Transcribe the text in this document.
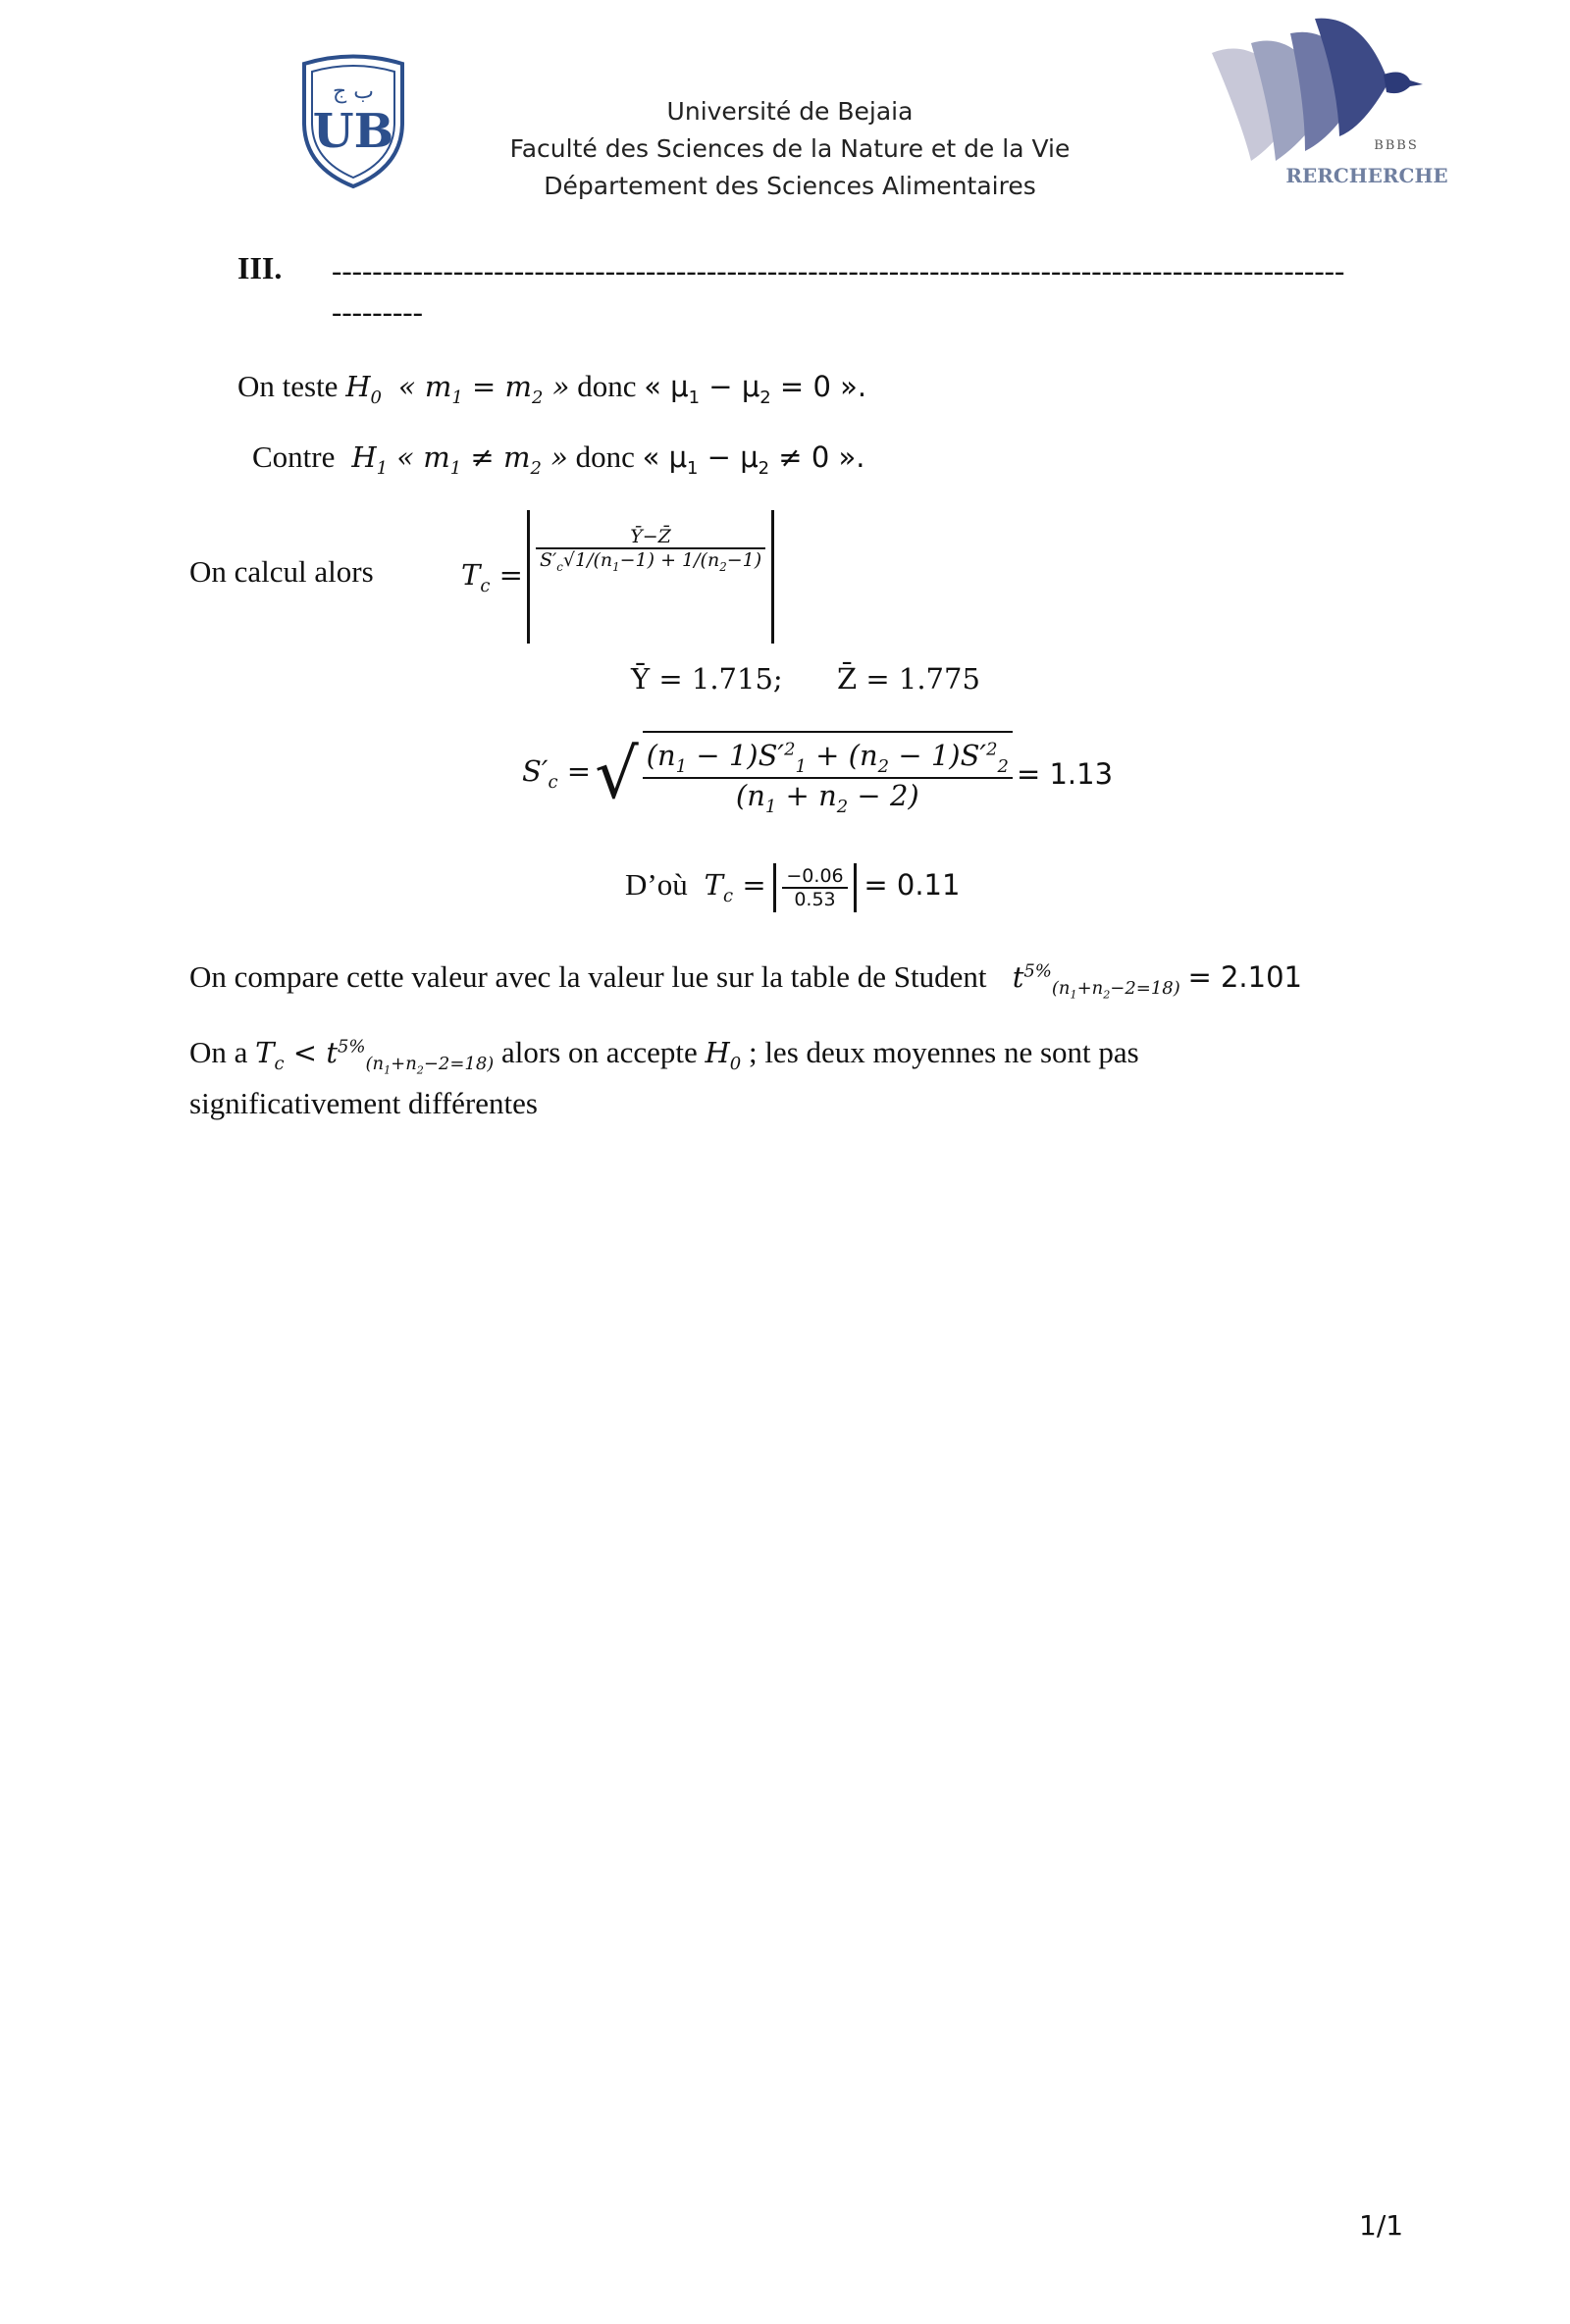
UB
ب ج
Université de Bejaia
Faculté des Sciences de la Nature et de la Vie
Département des Sciences Alimentaires
BBBS
RERCHERCHE
III. ----------------------------------------------------------------------------------------------------
---------
On teste $H_0$  « $m_1 = m_2$ » donc « $\mu_1 - \mu_2 = 0$ ».
Contre  $H_1$ « $m_1 \ne m_2$ » donc « $\mu_1 - \mu_2 \ne 0$ ».
On calcul alors	$T_c$ =
$\frac{Ȳ-Z̄}{S'_c√1/(n_1-1) + 1/(n_2-1)}$
Ȳ = 1.715; Z̄ = 1.775
$S'_c$ = √ $\frac{(n_1 - 1)S'^2_1 + (n_2 - 1)S'^2_2}{(n_1 + n_2 - 2)} = 1.13$
D’où  $T_c = \frac{-0.06}{0.53} = 0.11$
On compare cette valeur avec la valeur lue sur la table de Student   $t^{5\%}_{(n_1+n_2-2=18)} = 2.101$
On a $T_c < t^{5\%}_{(n_1+n_2-2=18)}$ alors on accepte $H_0$ ; les deux moyennes ne sont pas
significativement différentes
1/1
